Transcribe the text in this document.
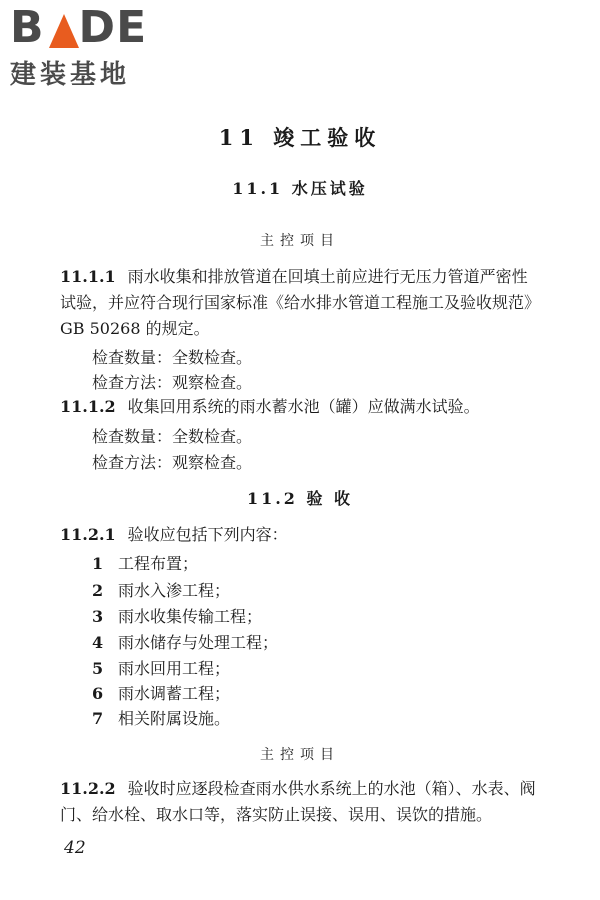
B DE
建装基地
11 竣工验收
11.1 水压试验
主控项目
11.1.1 雨水收集和排放管道在回填土前应进行无压力管道严密性试验，并应符合现行国家标准《给水排水管道工程施工及验收规范》GB 50268 的规定。
检查数量：全数检查。
检查方法：观察检查。
11.1.2 收集回用系统的雨水蓄水池（罐）应做满水试验。
检查数量：全数检查。
检查方法：观察检查。
11.2 验 收
11.2.1 验收应包括下列内容：
1 工程布置；
2 雨水入渗工程；
3 雨水收集传输工程；
4 雨水储存与处理工程；
5 雨水回用工程；
6 雨水调蓄工程；
7 相关附属设施。
主控项目
11.2.2 验收时应逐段检查雨水供水系统上的水池（箱）、水表、阀门、给水栓、取水口等，落实防止误接、误用、误饮的措施。
42
